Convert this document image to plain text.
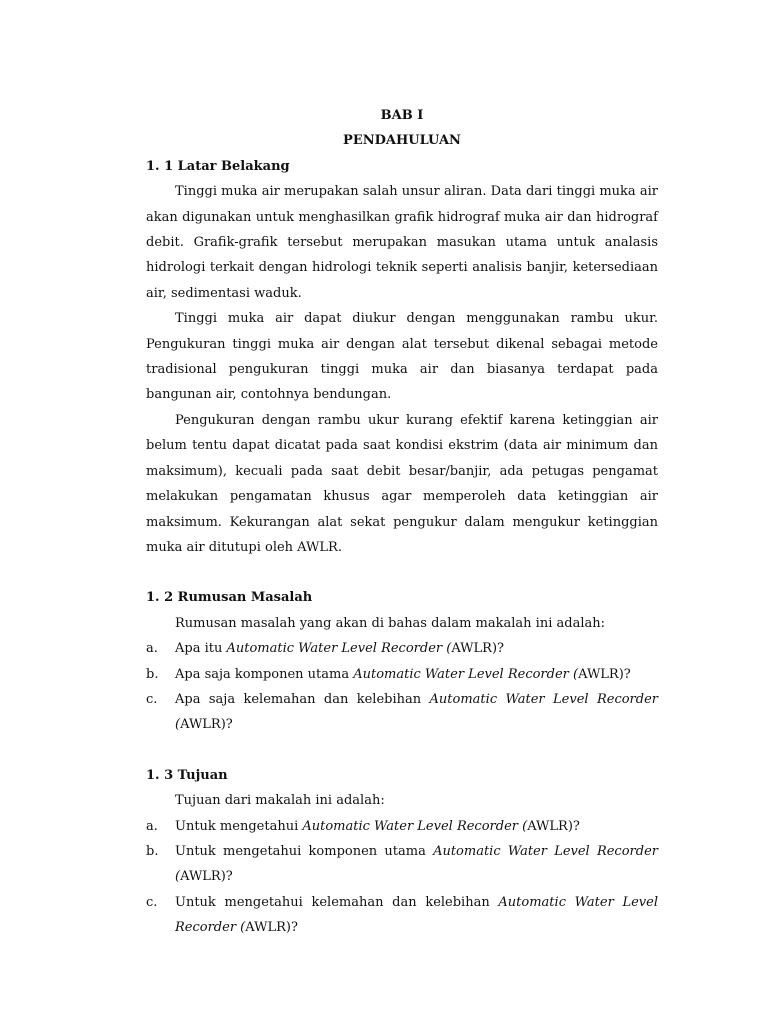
BAB I

PENDAHULUAN

1. 1 Latar Belakang

Tinggi muka air merupakan salah unsur aliran. Data dari tinggi muka air akan digunakan untuk menghasilkan grafik hidrograf muka air dan hidrograf debit. Grafik-grafik tersebut merupakan masukan utama untuk analasis hidrologi terkait dengan hidrologi teknik seperti analisis banjir, ketersediaan air, sedimentasi waduk.

Tinggi muka air dapat diukur dengan menggunakan rambu ukur. Pengukuran tinggi muka air dengan alat tersebut dikenal sebagai metode tradisional pengukuran tinggi muka air dan biasanya terdapat pada bangunan air, contohnya bendungan.

Pengukuran dengan rambu ukur kurang efektif karena ketinggian air belum tentu dapat dicatat pada saat kondisi ekstrim (data air minimum dan maksimum), kecuali pada saat debit besar/banjir, ada petugas pengamat melakukan pengamatan khusus agar memperoleh data ketinggian air maksimum. Kekurangan alat sekat pengukur dalam mengukur ketinggian muka air ditutupi oleh AWLR.

1. 2 Rumusan Masalah

Rumusan masalah yang akan di bahas dalam makalah ini adalah:

a. Apa itu Automatic Water Level Recorder (AWLR)?
b. Apa saja komponen utama Automatic Water Level Recorder (AWLR)?
c. Apa saja kelemahan dan kelebihan Automatic Water Level Recorder (AWLR)?

1. 3 Tujuan

Tujuan dari makalah ini adalah:

a. Untuk mengetahui Automatic Water Level Recorder (AWLR)?
b. Untuk mengetahui komponen utama Automatic Water Level Recorder (AWLR)?
c. Untuk mengetahui kelemahan dan kelebihan Automatic Water Level Recorder (AWLR)?
